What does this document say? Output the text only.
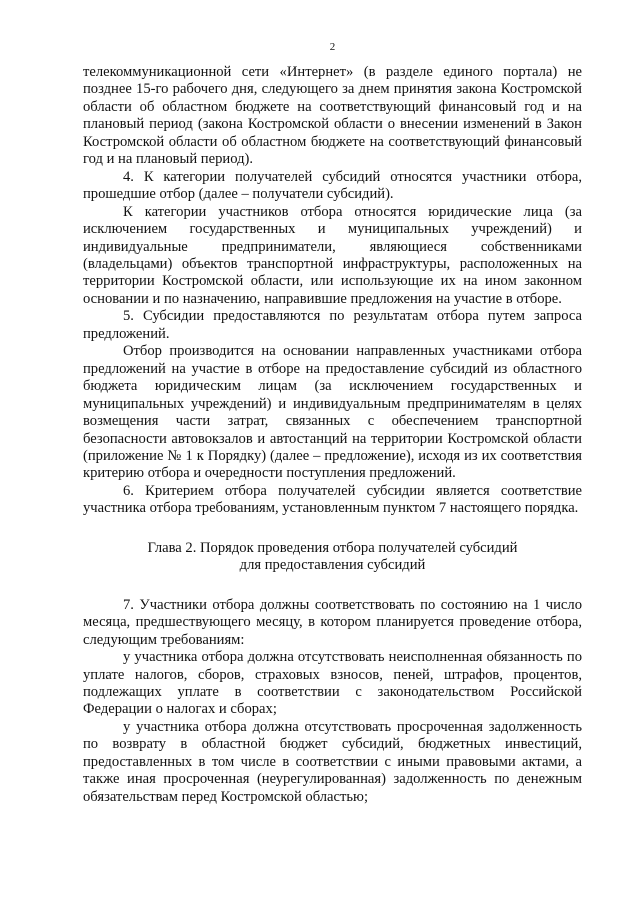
2

телекоммуникационной сети «Интернет» (в разделе единого портала) не позднее 15-го рабочего дня, следующего за днем принятия закона Костромской области об областном бюджете на соответствующий финансовый год и на плановый период (закона Костромской области о внесении изменений в Закон Костромской области об областном бюджете на соответствующий финансовый год и на плановый период).

4. К категории получателей субсидий относятся участники отбора, прошедшие отбор (далее – получатели субсидий).

К категории участников отбора относятся юридические лица (за исключением государственных и муниципальных учреждений) и индивидуальные предприниматели, являющиеся собственниками (владельцами) объектов транспортной инфраструктуры, расположенных на территории Костромской области, или использующие их на ином законном основании и по назначению, направившие предложения на участие в отборе.

5. Субсидии предоставляются по результатам отбора путем запроса предложений.

Отбор производится на основании направленных участниками отбора предложений на участие в отборе на предоставление субсидий из областного бюджета юридическим лицам (за исключением государственных и муниципальных учреждений) и индивидуальным предпринимателям в целях возмещения части затрат, связанных с обеспечением транспортной безопасности автовокзалов и автостанций на территории Костромской области (приложение № 1 к Порядку) (далее – предложение), исходя из их соответствия критерию отбора и очередности поступления предложений.

6. Критерием отбора получателей субсидии является соответствие участника отбора требованиям, установленным пунктом 7 настоящего порядка.

Глава 2. Порядок проведения отбора получателей субсидий

для предоставления субсидий

7. Участники отбора должны соответствовать по состоянию на 1 число месяца, предшествующего месяцу, в котором планируется проведение отбора, следующим требованиям:

у участника отбора должна отсутствовать неисполненная обязанность по уплате налогов, сборов, страховых взносов, пеней, штрафов, процентов, подлежащих уплате в соответствии с законодательством Российской Федерации о налогах и сборах;

у участника отбора должна отсутствовать просроченная задолженность по возврату в областной бюджет субсидий, бюджетных инвестиций, предоставленных в том числе в соответствии с иными правовыми актами, а также иная просроченная (неурегулированная) задолженность по денежным обязательствам перед Костромской областью;
